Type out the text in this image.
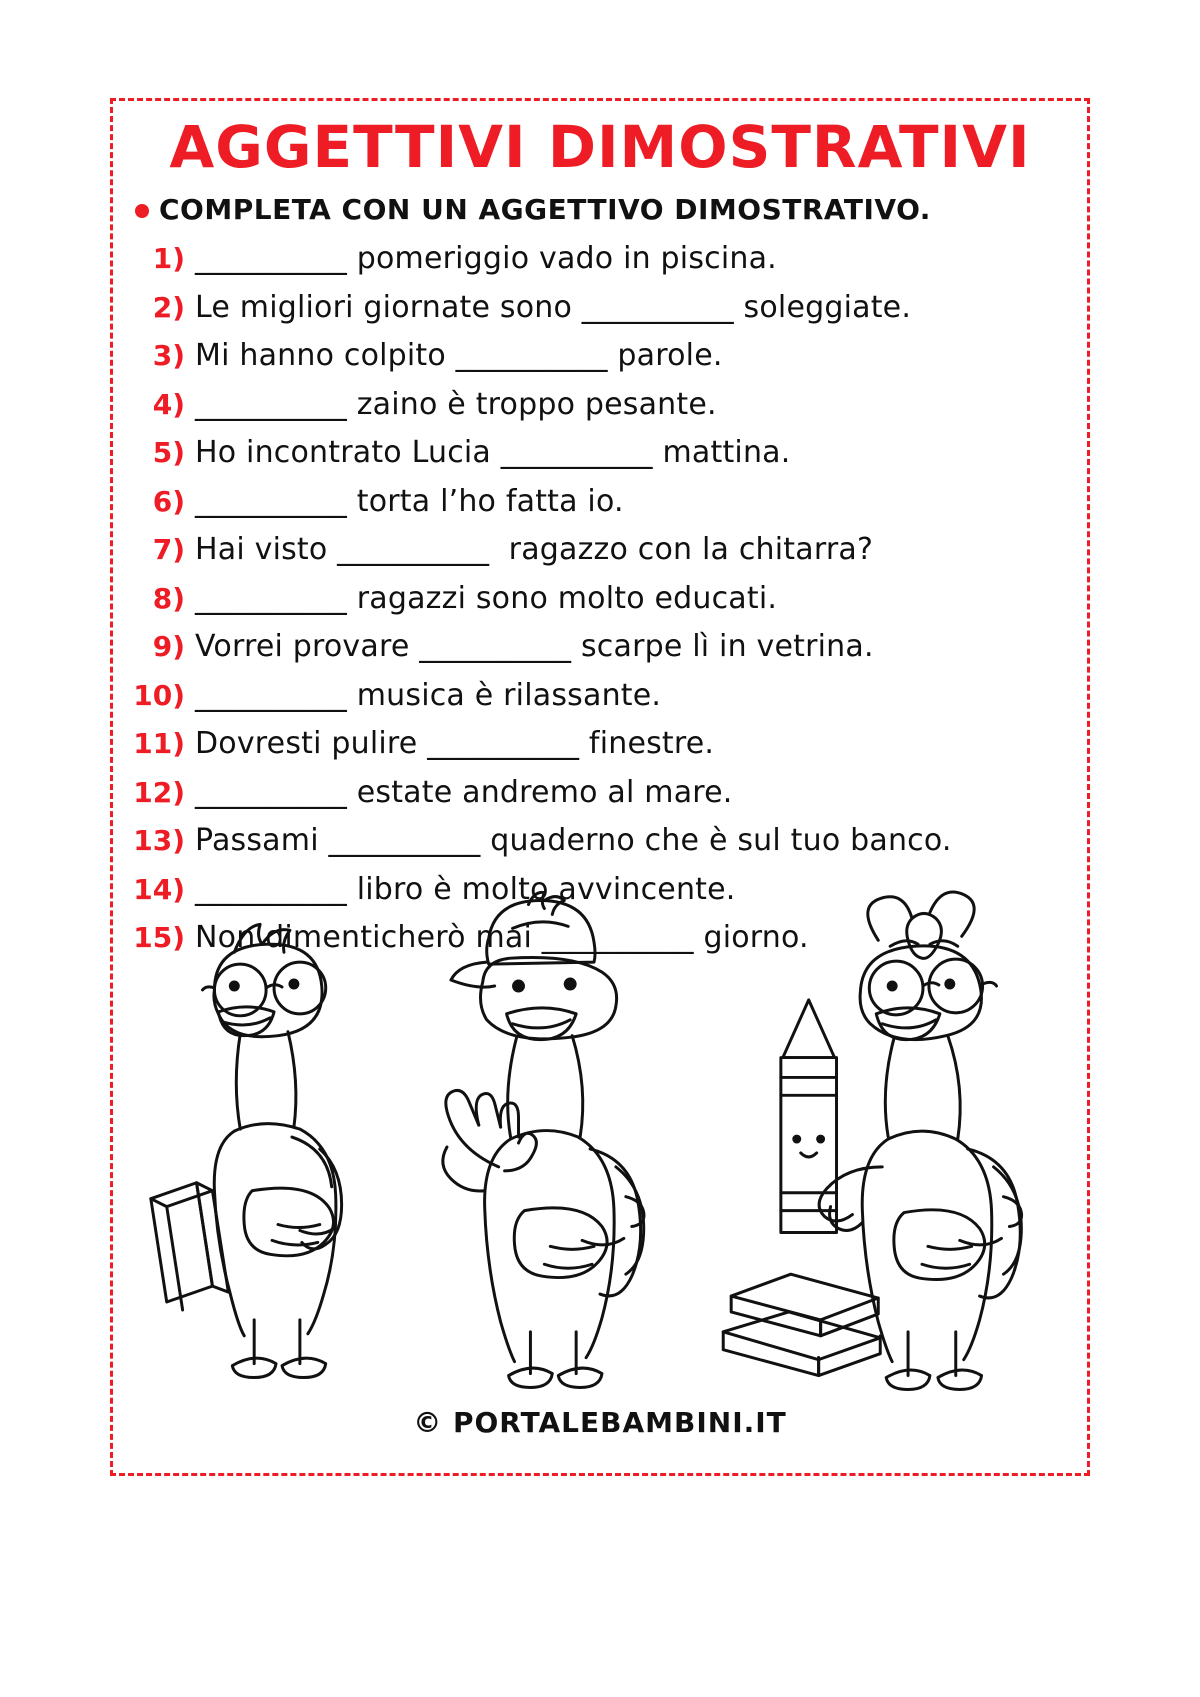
AGGETTIVI DIMOSTRATIVI
COMPLETA CON UN AGGETTIVO DIMOSTRATIVO.
1) __________ pomeriggio vado in piscina.
2) Le migliori giornate sono __________ soleggiate.
3) Mi hanno colpito __________ parole.
4) __________ zaino è troppo pesante.
5) Ho incontrato Lucia __________ mattina.
6) __________ torta l’ho fatta io.
7) Hai visto __________  ragazzo con la chitarra?
8) __________ ragazzi sono molto educati.
9) Vorrei provare __________ scarpe lì in vetrina.
10) __________ musica è rilassante.
11) Dovresti pulire __________ finestre.
12) __________ estate andremo al mare.
13) Passami __________ quaderno che è sul tuo banco.
14) __________ libro è molto avvincente.
15) Non dimenticherò mai __________ giorno.
© PORTALEBAMBINI.IT
